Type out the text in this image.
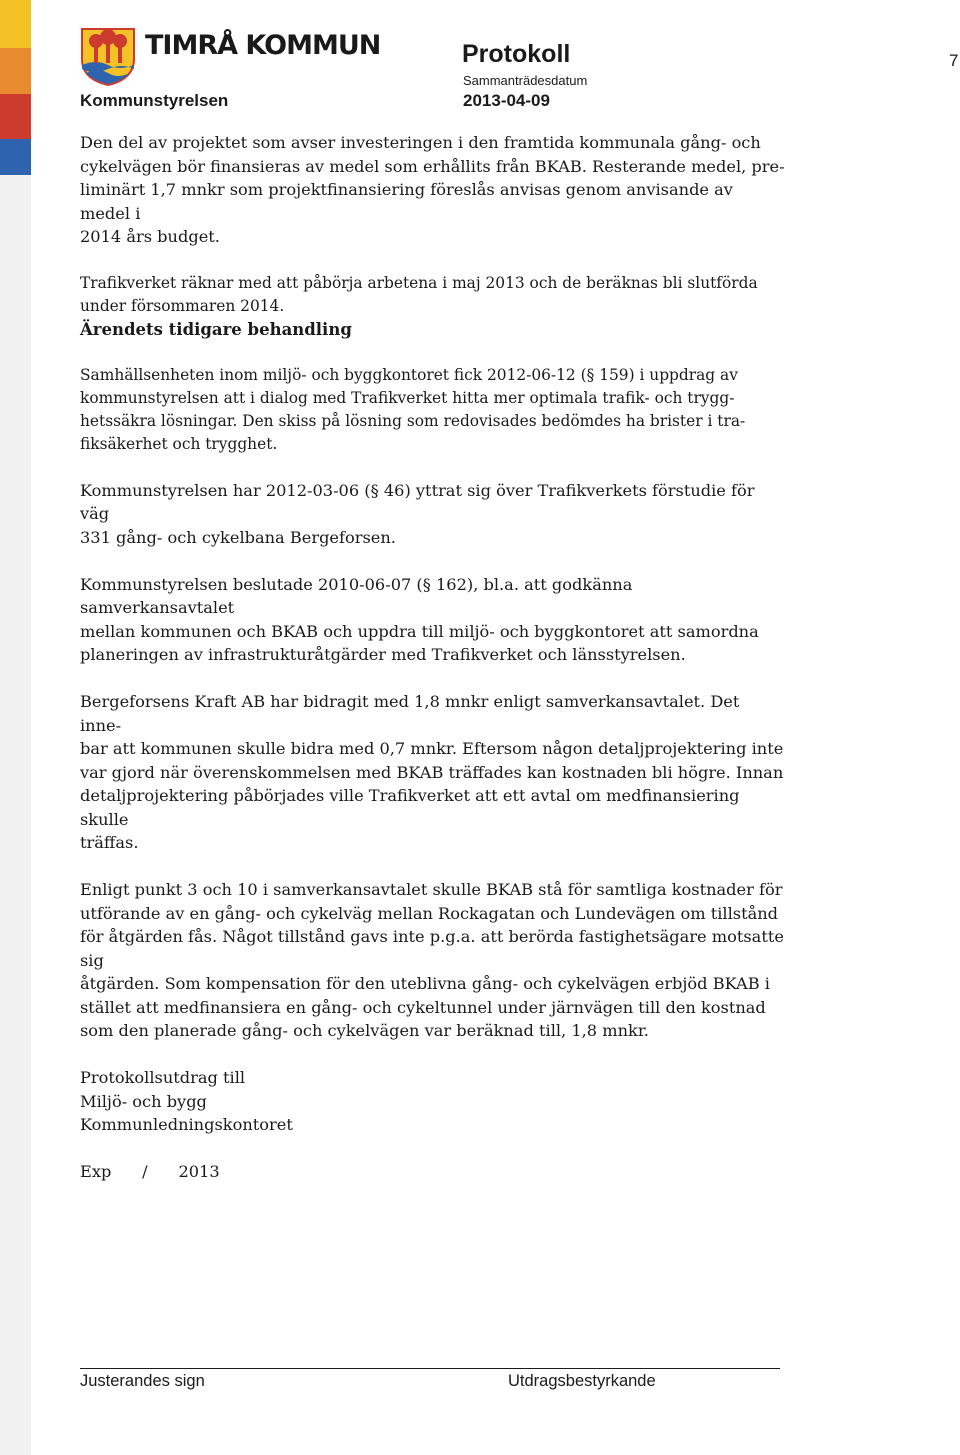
TIMRÅ KOMMUN
Kommunstyrelsen
Protokoll
Sammanträdesdatum
2013-04-09
7

Den del av projektet som avser investeringen i den framtida kommunala gång- och
cykelvägen bör finansieras av medel som erhållits från BKAB. Resterande medel, pre-
liminärt 1,7 mnkr som projektfinansiering föreslås anvisas genom anvisande av medel i
2014 års budget.

Trafikverket räknar med att påbörja arbetena i maj 2013 och de beräknas bli slutförda
under försommaren 2014.

Ärendets tidigare behandling

Samhällsenheten inom miljö- och byggkontoret fick 2012-06-12 (§ 159) i uppdrag av
kommunstyrelsen att i dialog med Trafikverket hitta mer optimala trafik- och trygg-
hetssäkra lösningar. Den skiss på lösning som redovisades bedömdes ha brister i tra-
fiksäkerhet och trygghet.

Kommunstyrelsen har 2012-03-06 (§ 46) yttrat sig över Trafikverkets förstudie för väg
331 gång- och cykelbana Bergeforsen.

Kommunstyrelsen beslutade 2010-06-07 (§ 162), bl.a. att godkänna samverkansavtalet
mellan kommunen och BKAB och uppdra till miljö- och byggkontoret att samordna
planeringen av infrastrukturåtgärder med Trafikverket och länsstyrelsen.

Bergeforsens Kraft AB har bidragit med 1,8 mnkr enligt samverkansavtalet. Det inne-
bar att kommunen skulle bidra med 0,7 mnkr. Eftersom någon detaljprojektering inte
var gjord när överenskommelsen med BKAB träffades kan kostnaden bli högre. Innan
detaljprojektering påbörjades ville Trafikverket att ett avtal om medfinansiering skulle
träffas.

Enligt punkt 3 och 10 i samverkansavtalet skulle BKAB stå för samtliga kostnader för
utförande av en gång- och cykelväg mellan Rockagatan och Lundevägen om tillstånd
för åtgärden fås. Något tillstånd gavs inte p.g.a. att berörda fastighetsägare motsatte sig
åtgärden. Som kompensation för den uteblivna gång- och cykelvägen erbjöd BKAB i
stället att medfinansiera en gång- och cykeltunnel under järnvägen till den kostnad
som den planerade gång- och cykelvägen var beräknad till, 1,8 mnkr.

Protokollsutdrag till
Miljö- och bygg
Kommunledningskontoret

Exp      /      2013
Justerandes sign	Utdragsbestyrkande
